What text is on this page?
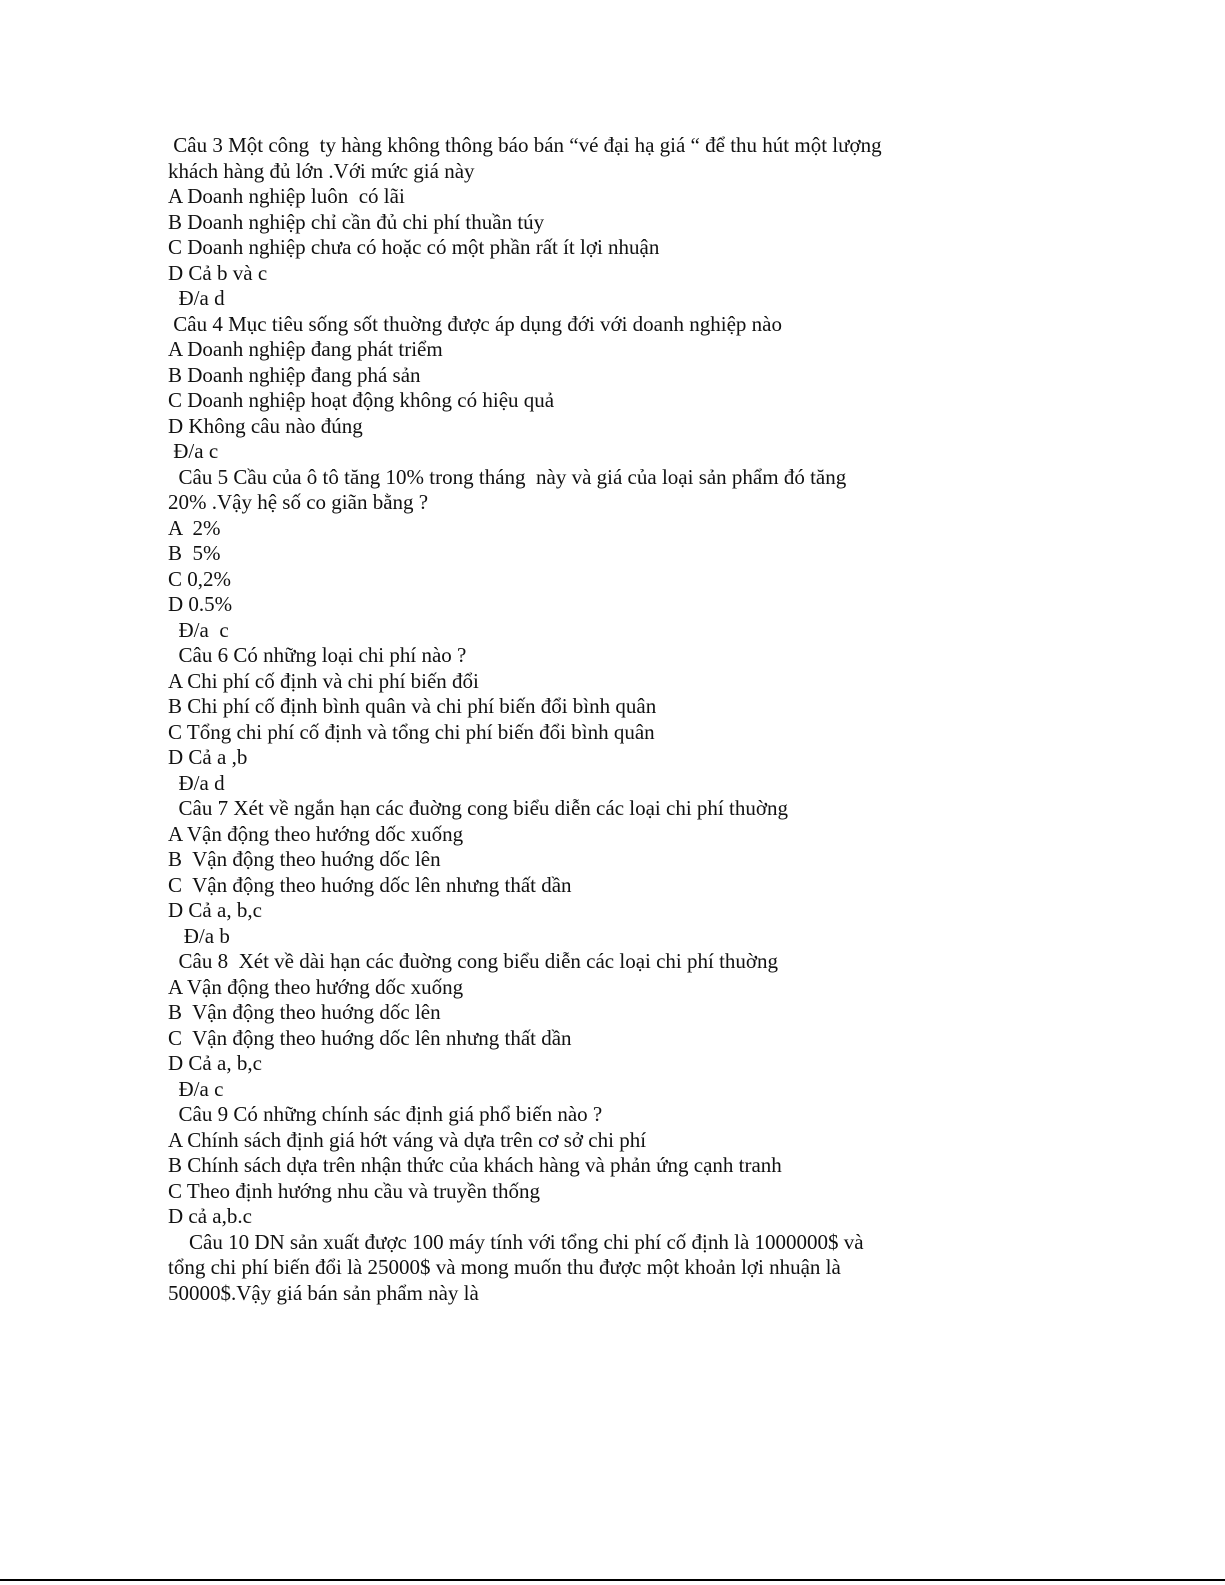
Câu 3 Một công  ty hàng không thông báo bán “vé đại hạ giá “ để thu hút một lượng
khách hàng đủ lớn .Với mức giá này
A Doanh nghiệp luôn  có lãi
B Doanh nghiệp chỉ cần đủ chi phí thuần túy
C Doanh nghiệp chưa có hoặc có một phần rất ít lợi nhuận
D Cả b và c
Đ/a d
Câu 4 Mục tiêu sống sốt thuờng được áp dụng đới với doanh nghiệp nào
A Doanh nghiệp đang phát triểm
B Doanh nghiệp đang phá sản
C Doanh nghiệp hoạt động không có hiệu quả
D Không câu nào đúng
Đ/a c
Câu 5 Cầu của ô tô tăng 10% trong tháng  này và giá của loại sản phẩm đó tăng
20% .Vậy hệ số co giãn bằng ?
A  2%
B  5%
C 0,2%
D 0.5%
Đ/a  c
Câu 6 Có những loại chi phí nào ?
A Chi phí cố định và chi phí biến đổi
B Chi phí cố định bình quân và chi phí biến đổi bình quân
C Tổng chi phí cố định và tổng chi phí biến đổi bình quân
D Cả a ,b
Đ/a d
Câu 7 Xét về ngắn hạn các đuờng cong biểu diễn các loại chi phí thuờng
A Vận động theo hướng dốc xuống
B  Vận động theo huớng dốc lên
C  Vận động theo huớng dốc lên nhưng thất dần
D Cả a, b,c
Đ/a b
Câu 8  Xét về dài hạn các đuờng cong biểu diễn các loại chi phí thuờng
A Vận động theo hướng dốc xuống
B  Vận động theo huớng dốc lên
C  Vận động theo huớng dốc lên nhưng thất dần
D Cả a, b,c
Đ/a c
Câu 9 Có những chính sác định giá phổ biến nào ?
A Chính sách định giá hớt váng và dựa trên cơ sở chi phí
B Chính sách dựa trên nhận thức của khách hàng và phản ứng cạnh tranh
C Theo định hướng nhu cầu và truyền thống
D cả a,b.c
Câu 10 DN sản xuất được 100 máy tính với tổng chi phí cố định là 1000000$ và
tổng chi phí biến đổi là 25000$ và mong muốn thu được một khoản lợi nhuận là
50000$.Vậy giá bán sản phẩm này là
